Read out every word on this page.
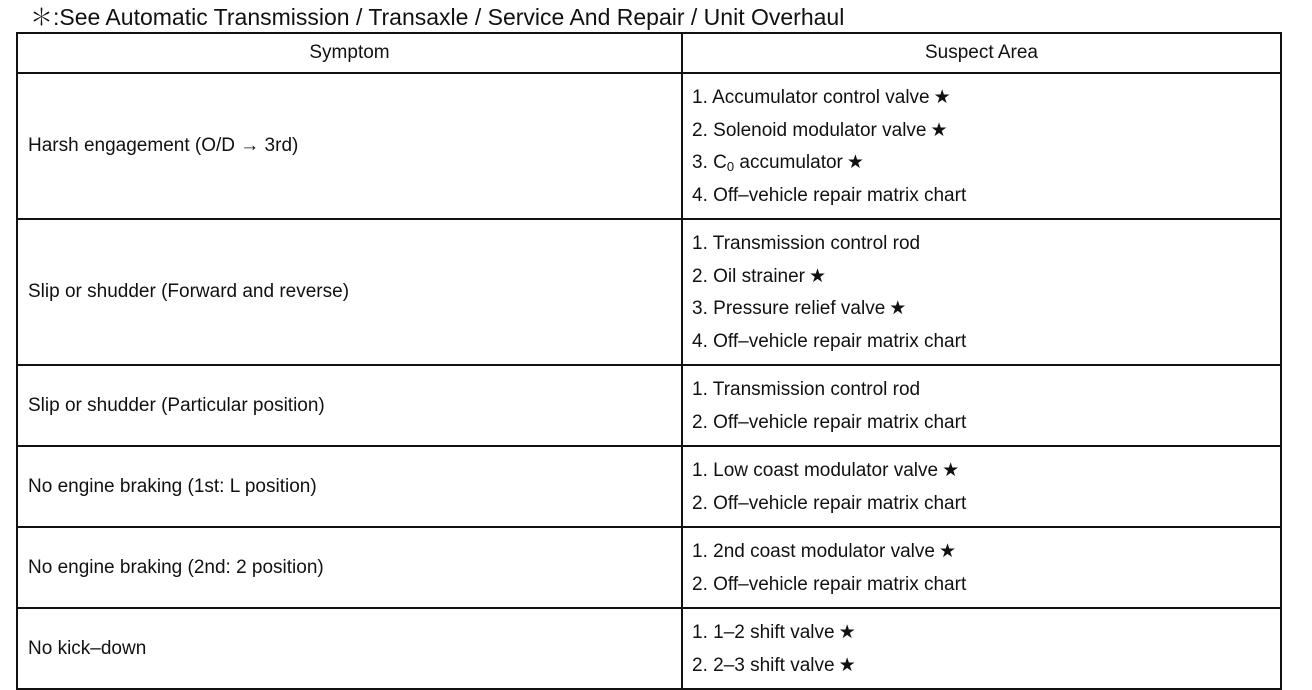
＊:See Automatic Transmission / Transaxle / Service And Repair / Unit Overhaul
Symptom	Suspect Area
Harsh engagement (O/D → 3rd)	1. Accumulator control valve ★
2. Solenoid modulator valve ★
3. $C_0$ accumulator ★
4. Off–vehicle repair matrix chart

Slip or shudder (Forward and reverse)	1. Transmission control rod
2. Oil strainer ★
3. Pressure relief valve ★
4. Off–vehicle repair matrix chart

Slip or shudder (Particular position)	1. Transmission control rod
2. Off–vehicle repair matrix chart

No engine braking (1st: L position)	1. Low coast modulator valve ★
2. Off–vehicle repair matrix chart

No engine braking (2nd: 2 position)	1. 2nd coast modulator valve ★
2. Off–vehicle repair matrix chart

No kick–down	1. 1–2 shift valve ★
2. 2–3 shift valve ★
